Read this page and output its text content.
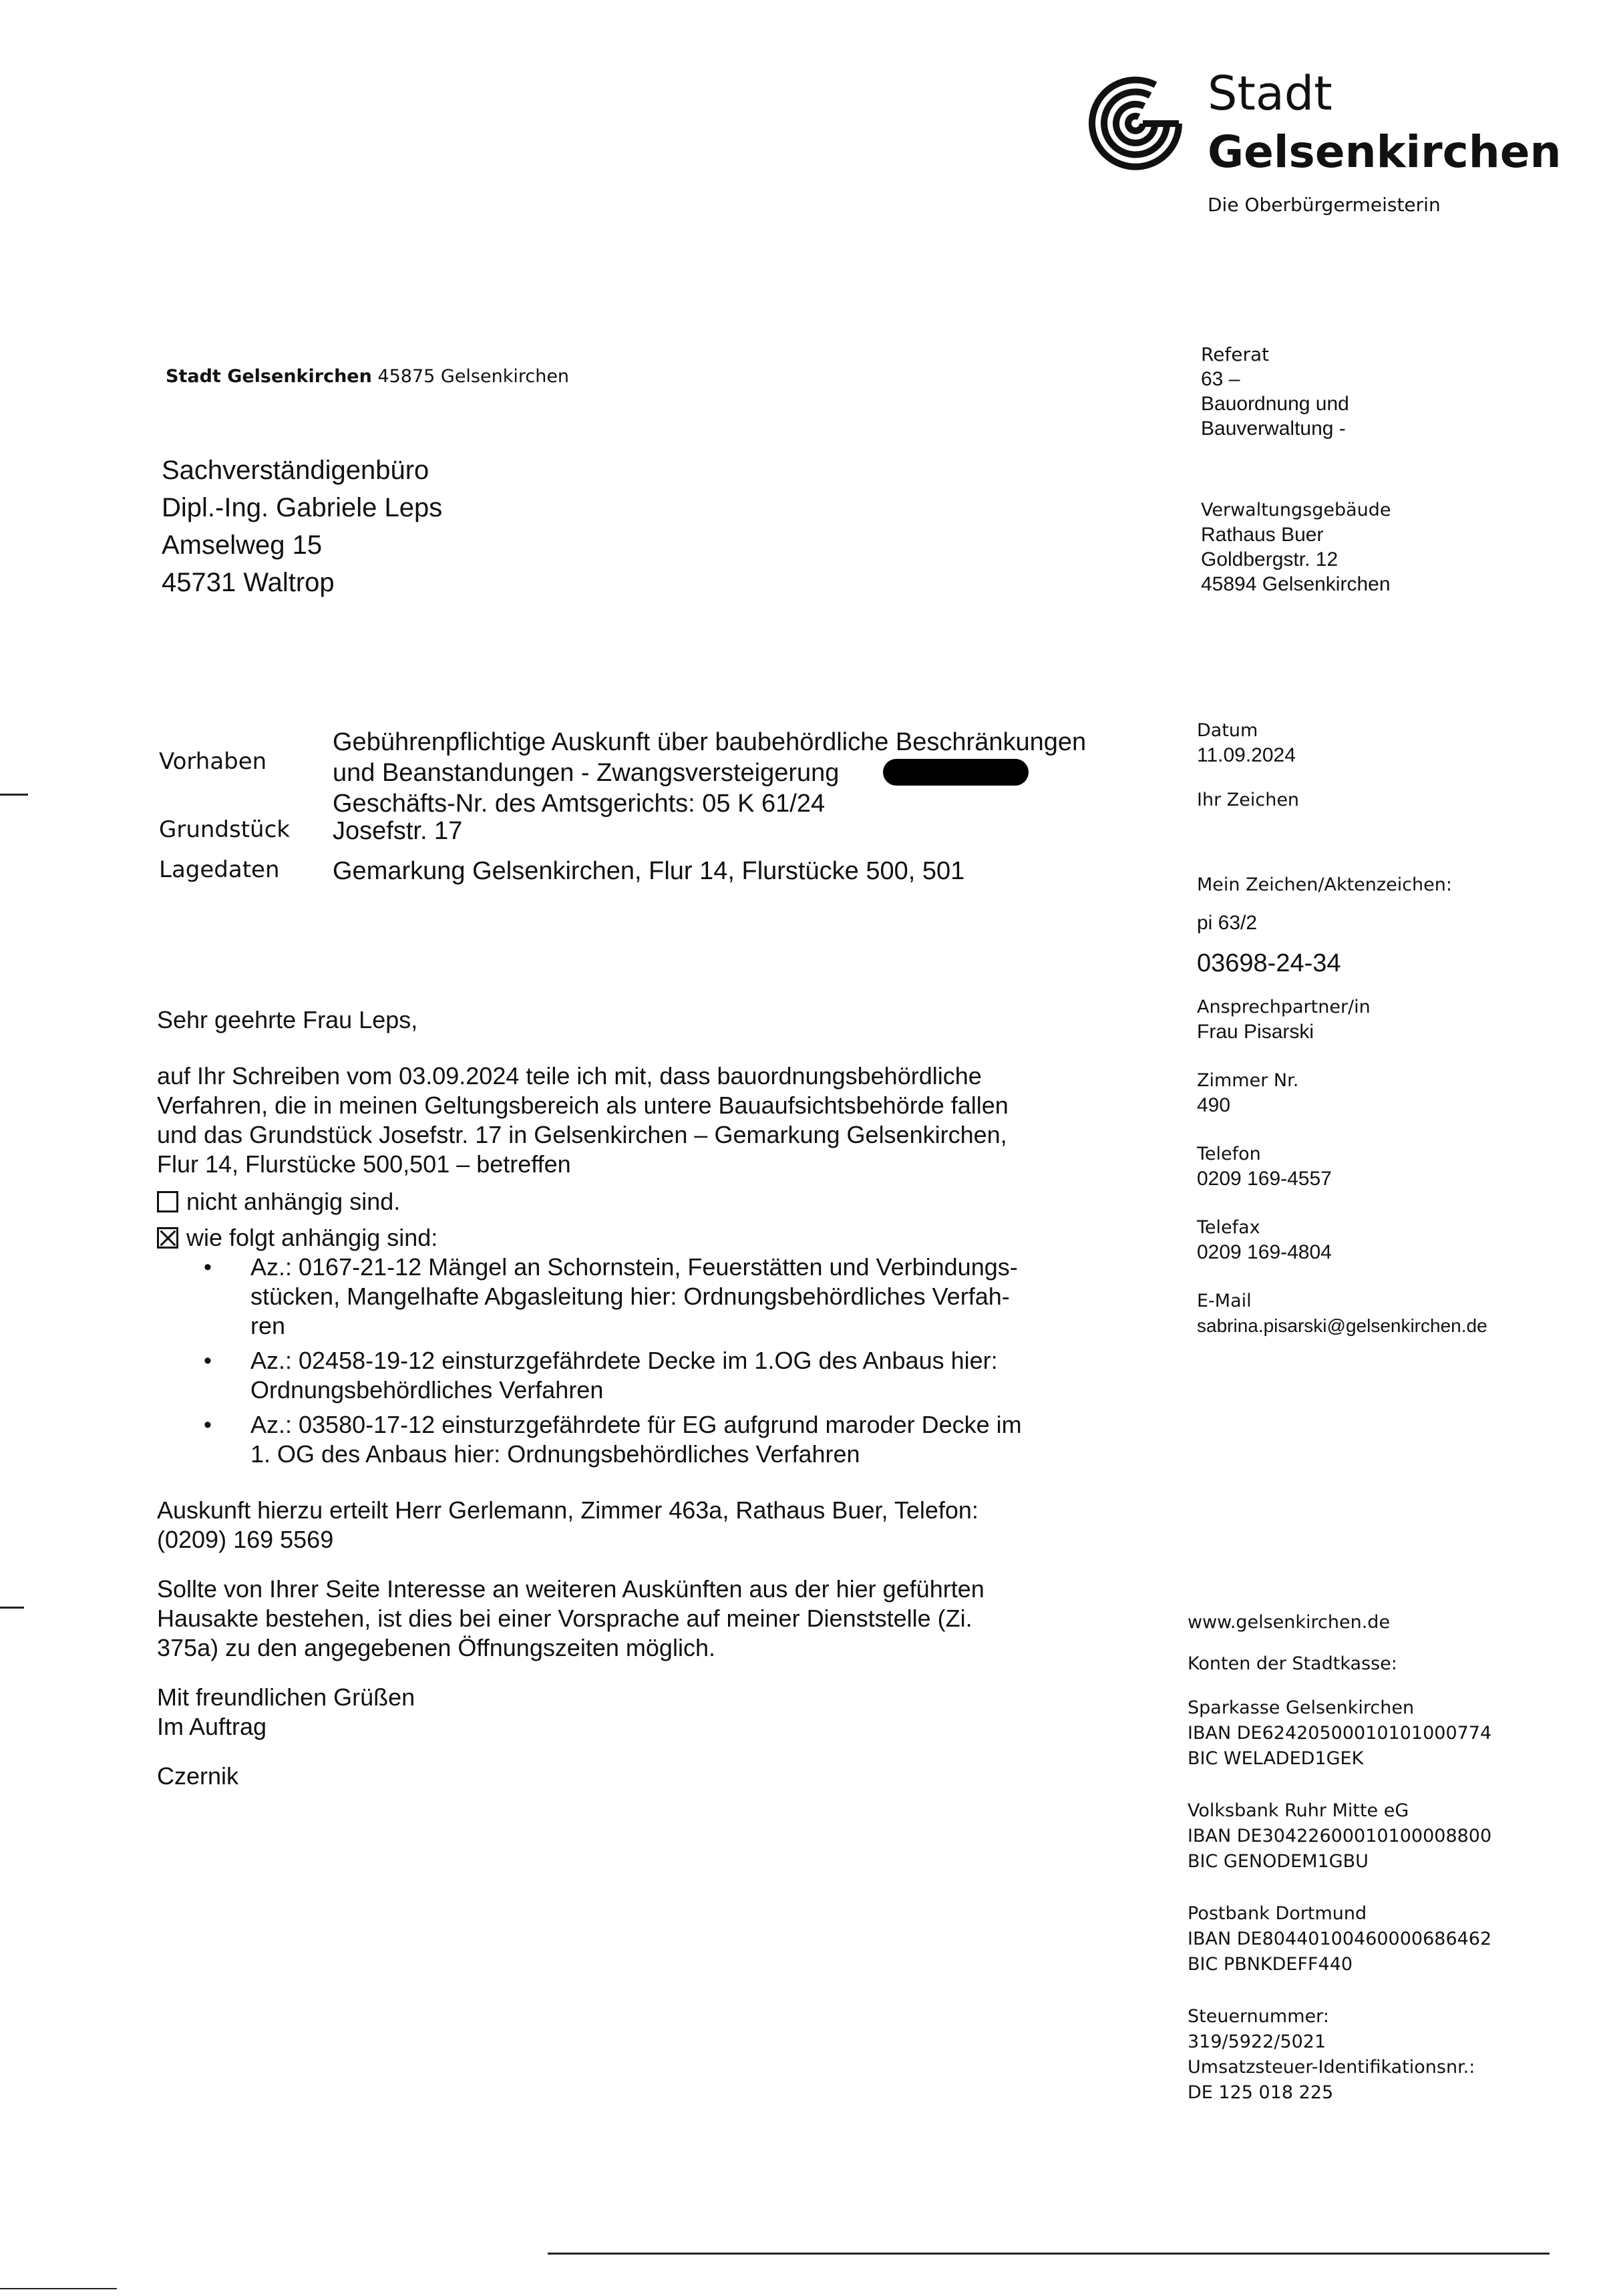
Stadt
Gelsenkirchen
Die Oberbürgermeisterin
Stadt Gelsenkirchen 45875 Gelsenkirchen
Sachverständigenbüro
Dipl.-Ing. Gabriele Leps
Amselweg 15
45731 Waltrop
Referat
63 –
Bauordnung und
Bauverwaltung -
Verwaltungsgebäude
Rathaus Buer
Goldbergstr. 12
45894 Gelsenkirchen
Vorhaben
Gebührenpflichtige Auskunft über baubehördliche Beschränkungen
und Beanstandungen - Zwangsversteigerung
Geschäfts-Nr. des Amtsgerichts: 05 K 61/24
Grundstück Josefstr. 17
Lagedaten Gemarkung Gelsenkirchen, Flur 14, Flurstücke 500, 501
Datum
11.09.2024
Ihr Zeichen
Mein Zeichen/Aktenzeichen:
pi 63/2
03698-24-34
Ansprechpartner/in
Frau Pisarski
Zimmer Nr.
490
Telefon
0209 169-4557
Telefax
0209 169-4804
E-Mail
sabrina.pisarski@gelsenkirchen.de
Sehr geehrte Frau Leps,
auf Ihr Schreiben vom 03.09.2024 teile ich mit, dass bauordnungsbehördliche
Verfahren, die in meinen Geltungsbereich als untere Bauaufsichtsbehörde fallen
und das Grundstück Josefstr. 17 in Gelsenkirchen – Gemarkung Gelsenkirchen,
Flur 14, Flurstücke 500,501 – betreffen
nicht anhängig sind.
wie folgt anhängig sind:
• Az.: 0167-21-12 Mängel an Schornstein, Feuerstätten und Verbindungs-
stücken, Mangelhafte Abgasleitung hier: Ordnungsbehördliches Verfah-
ren
• Az.: 02458-19-12 einsturzgefährdete Decke im 1.OG des Anbaus hier:
Ordnungsbehördliches Verfahren
• Az.: 03580-17-12 einsturzgefährdete für EG aufgrund maroder Decke im
1. OG des Anbaus hier: Ordnungsbehördliches Verfahren
Auskunft hierzu erteilt Herr Gerlemann, Zimmer 463a, Rathaus Buer, Telefon:
(0209) 169 5569
Sollte von Ihrer Seite Interesse an weiteren Auskünften aus der hier geführten
Hausakte bestehen, ist dies bei einer Vorsprache auf meiner Dienststelle (Zi.
375a) zu den angegebenen Öffnungszeiten möglich.
Mit freundlichen Grüßen
Im Auftrag
Czernik
www.gelsenkirchen.de
Konten der Stadtkasse:
Sparkasse Gelsenkirchen
IBAN DE62420500010101000774
BIC WELADED1GEK
Volksbank Ruhr Mitte eG
IBAN DE30422600010100008800
BIC GENODEM1GBU
Postbank Dortmund
IBAN DE80440100460000686462
BIC PBNKDEFF440
Steuernummer:
319/5922/5021
Umsatzsteuer-Identifikationsnr.:
DE 125 018 225
